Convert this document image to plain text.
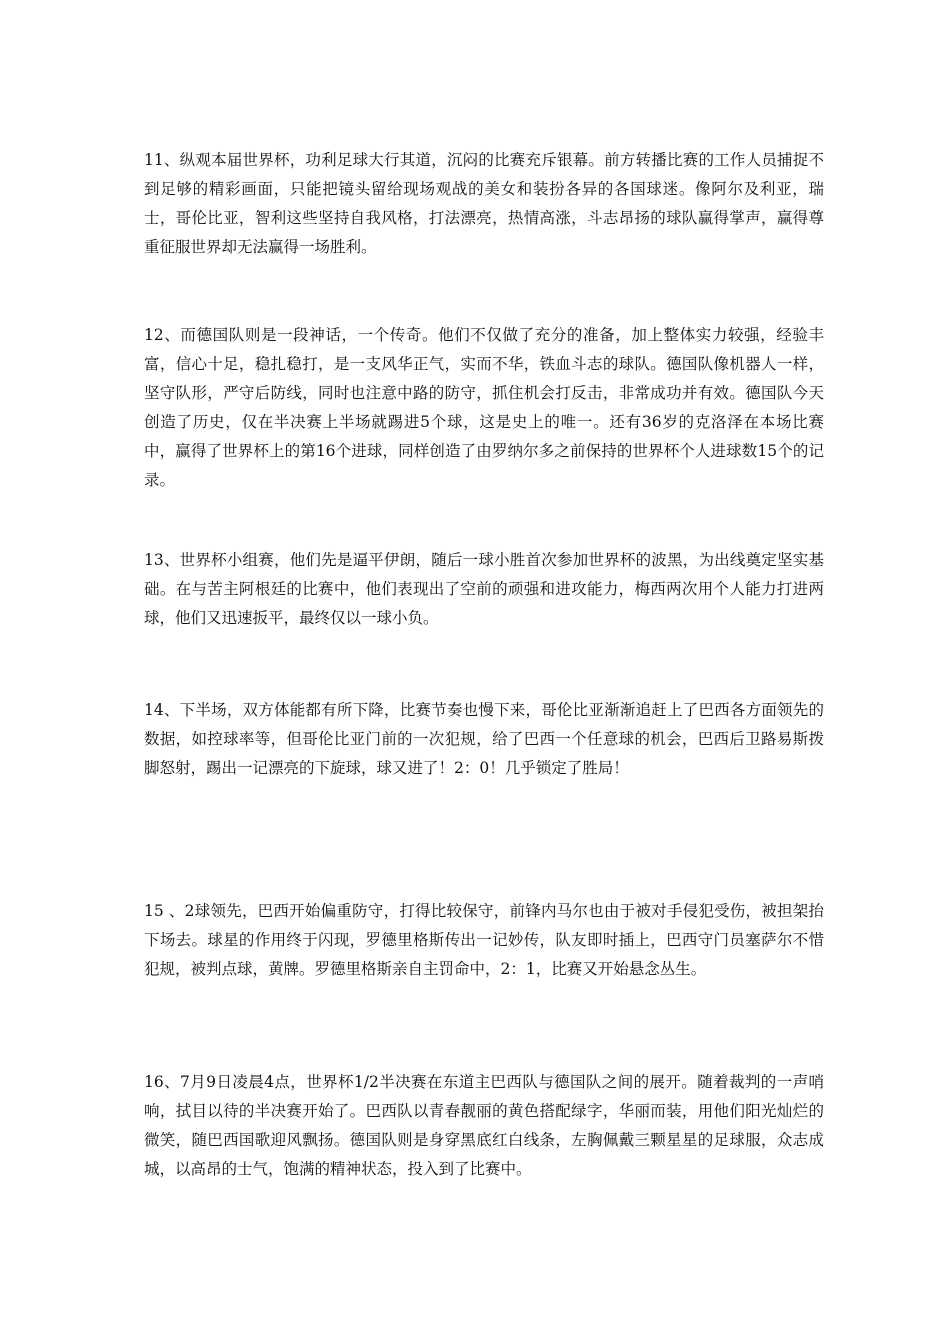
11、纵观本届世界杯，功利足球大行其道，沉闷的比赛充斥银幕。前方转播比赛的工作人员捕捉不到足够的精彩画面，只能把镜头留给现场观战的美女和装扮各异的各国球迷。像阿尔及利亚，瑞士，哥伦比亚，智利这些坚持自我风格，打法漂亮，热情高涨，斗志昂扬的球队赢得掌声，赢得尊重征服世界却无法赢得一场胜利。

12、而德国队则是一段神话，一个传奇。他们不仅做了充分的准备，加上整体实力较强，经验丰富，信心十足，稳扎稳打，是一支风华正气，实而不华，铁血斗志的球队。德国队像机器人一样，坚守队形，严守后防线，同时也注意中路的防守，抓住机会打反击，非常成功并有效。德国队今天创造了历史，仅在半决赛上半场就踢进5个球，这是史上的唯一。还有36岁的克洛泽在本场比赛中，赢得了世界杯上的第16个进球，同样创造了由罗纳尔多之前保持的世界杯个人进球数15个的记录。

13、世界杯小组赛，他们先是逼平伊朗，随后一球小胜首次参加世界杯的波黑，为出线奠定坚实基础。在与苦主阿根廷的比赛中，他们表现出了空前的顽强和进攻能力，梅西两次用个人能力打进两球，他们又迅速扳平，最终仅以一球小负。

14、下半场，双方体能都有所下降，比赛节奏也慢下来，哥伦比亚渐渐追赶上了巴西各方面领先的数据，如控球率等，但哥伦比亚门前的一次犯规，给了巴西一个任意球的机会，巴西后卫路易斯拨脚怒射，踢出一记漂亮的下旋球，球又进了！2：0！几乎锁定了胜局！

15 、2球领先，巴西开始偏重防守，打得比较保守，前锋内马尔也由于被对手侵犯受伤，被担架抬下场去。球星的作用终于闪现，罗德里格斯传出一记妙传，队友即时插上，巴西守门员塞萨尔不惜犯规，被判点球，黄牌。罗德里格斯亲自主罚命中，2：1，比赛又开始悬念丛生。

16、7月9日凌晨4点，世界杯1/2半决赛在东道主巴西队与德国队之间的展开。随着裁判的一声哨响，拭目以待的半决赛开始了。巴西队以青春靓丽的黄色搭配绿字，华丽而装，用他们阳光灿烂的微笑，随巴西国歌迎风飘扬。德国队则是身穿黑底红白线条，左胸佩戴三颗星星的足球服，众志成城，以高昂的士气，饱满的精神状态，投入到了比赛中。
